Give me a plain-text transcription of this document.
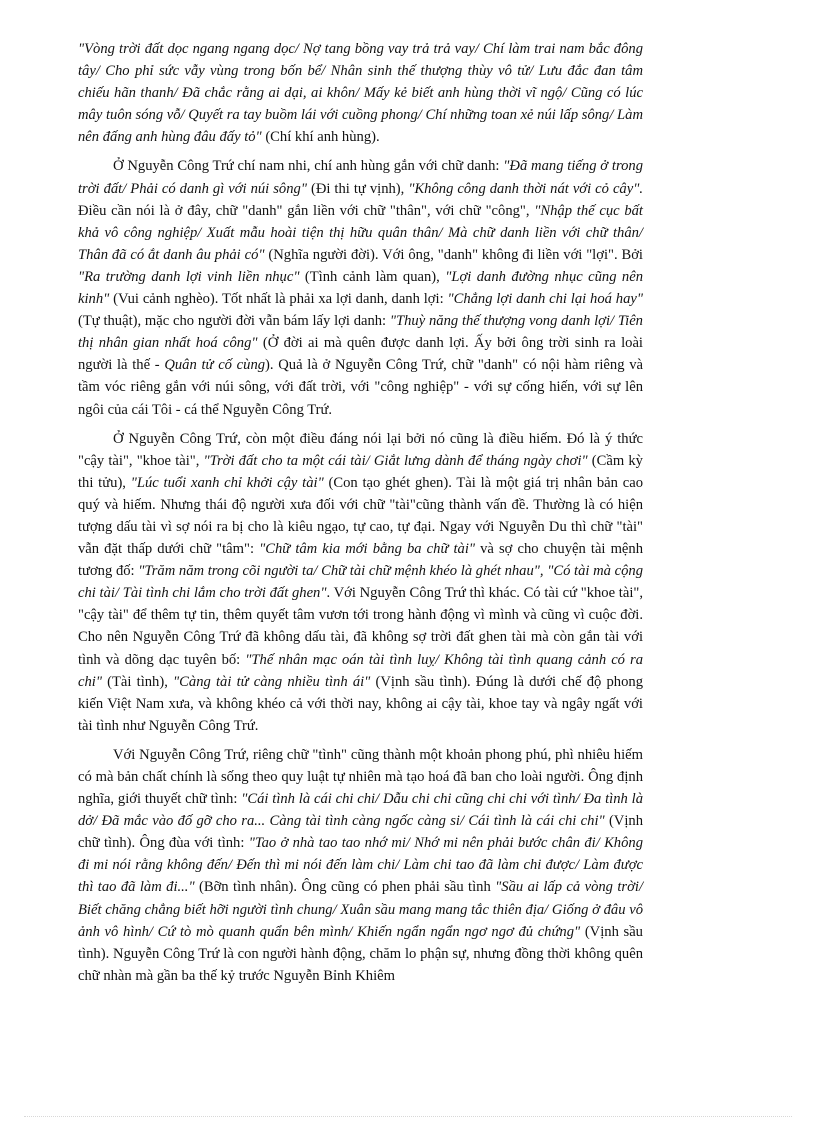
"Vòng trời đất dọc ngang ngang dọc/ Nợ tang bồng vay trả trả vay/ Chí làm trai nam bắc đông tây/ Cho phỉ sức vẫy vùng trong bốn bể/ Nhân sinh thế thượng thùy vô tử/ Lưu đắc đan tâm chiếu hãn thanh/ Đã chắc rằng ai dại, ai khôn/ Mấy kẻ biết anh hùng thời vĩ ngộ/ Cũng có lúc mây tuôn sóng vỗ/ Quyết ra tay buồm lái với cuồng phong/ Chí những toan xẻ núi lấp sông/ Làm nên đấng anh hùng đâu đấy tỏ" (Chí khí anh hùng).

Ở Nguyễn Công Trứ chí nam nhi, chí anh hùng gắn với chữ danh: "Đã mang tiếng ở trong trời đất/ Phải có danh gì với núi sông" (Đi thi tự vịnh), "Không công danh thời nát với cỏ cây". Điều cần nói là ở đây, chữ "danh" gắn liền với chữ "thân", với chữ "công", "Nhập thế cục bất khả vô công nghiệp/ Xuất mẫu hoài tiện thị hữu quân thân/ Mà chữ danh liền với chữ thân/ Thân đã có ắt danh âu phải có" (Nghĩa người đời). Với ông, "danh" không đi liền với "lợi". Bởi "Ra trường danh lợi vinh liền nhục" (Tình cảnh làm quan), "Lợi danh đường nhục cũng nên kinh" (Vui cảnh nghèo). Tốt nhất là phải xa lợi danh, danh lợi: "Chẳng lợi danh chi lại hoá hay" (Tự thuật), mặc cho người đời vẫn bám lấy lợi danh: "Thuỳ năng thế thượng vong danh lợi/ Tiên thị nhân gian nhất hoá công" (Ở đời ai mà quên được danh lợi. Ấy bởi ông trời sinh ra loài người là thế - Quân tử cố cùng). Quả là ở Nguyễn Công Trứ, chữ "danh" có nội hàm riêng và tầm vóc riêng gắn với núi sông, với đất trời, với "công nghiệp" - với sự cống hiến, với sự lên ngôi của cái Tôi - cá thể Nguyễn Công Trứ.

Ở Nguyễn Công Trứ, còn một điều đáng nói lại bởi nó cũng là điều hiếm. Đó là ý thức "cậy tài", "khoe tài", "Trời đất cho ta một cái tài/ Giắt lưng dành để tháng ngày chơi" (Cầm kỳ thi tửu), "Lúc tuổi xanh chỉ khởi cậy tài" (Con tạo ghét ghen). Tài là một giá trị nhân bản cao quý và hiếm. Nhưng thái độ người xưa đối với chữ "tài"cũng thành vấn đề. Thường là có hiện tượng dấu tài vì sợ nói ra bị cho là kiêu ngạo, tự cao, tự đại. Ngay với Nguyễn Du thì chữ "tài" vẫn đặt thấp dưới chữ "tâm": "Chữ tâm kia mới bằng ba chữ tài" và sợ cho chuyện tài mệnh tương đố: "Trăm năm trong cõi người ta/ Chữ tài chữ mệnh khéo là ghét nhau", "Có tài mà cộng chi tài/ Tài tình chi lắm cho trời đất ghen". Với Nguyễn Công Trứ thì khác. Có tài cứ "khoe tài", "cậy tài" để thêm tự tin, thêm quyết tâm vươn tới trong hành động vì mình và cũng vì cuộc đời. Cho nên Nguyễn Công Trứ đã không dấu tài, đã không sợ trời đất ghen tài mà còn gắn tài với tình và dõng dạc tuyên bố: "Thế nhân mạc oán tài tình luỵ/ Không tài tình quang cảnh có ra chi" (Tài tình), "Càng tài tử càng nhiều tình ái" (Vịnh sầu tình). Đúng là dưới chế độ phong kiến Việt Nam xưa, và không khéo cả với thời nay, không ai cậy tài, khoe tay và ngây ngất với tài tình như Nguyễn Công Trứ.

Với Nguyễn Công Trứ, riêng chữ "tình" cũng thành một khoản phong phú, phì nhiêu hiếm có mà bản chất chính là sống theo quy luật tự nhiên mà tạo hoá đã ban cho loài người. Ông định nghĩa, giới thuyết chữ tình: "Cái tình là cái chi chi/ Dẫu chi chi cũng chi chi với tình/ Đa tình là dở/ Đã mắc vào đố gỡ cho ra... Càng tài tình càng ngốc càng si/ Cái tình là cái chi chi" (Vịnh chữ tình). Ông đùa với tình: "Tao ở nhà tao tao nhớ mi/ Nhớ mi nên phải bước chân đi/ Không đi mi nói rằng không đến/ Đến thì mi nói đến làm chi/ Làm chi tao đã làm chi được/ Làm được thì tao đã làm đi..." (Bỡn tình nhân). Ông cũng có phen phải sầu tình "Sầu ai lấp cả vòng trời/ Biết chăng chẳng biết hỡi người tình chung/ Xuân sầu mang mang tắc thiên địa/ Giống ở đâu vô ảnh vô hình/ Cứ tò mò quanh quẩn bên mình/ Khiến ngẩn ngẩn ngơ ngơ đủ chứng" (Vịnh sầu tình). Nguyễn Công Trứ là con người hành động, chăm lo phận sự, nhưng đồng thời không quên chữ nhàn mà gần ba thế kỷ trước Nguyễn Bỉnh Khiêm
